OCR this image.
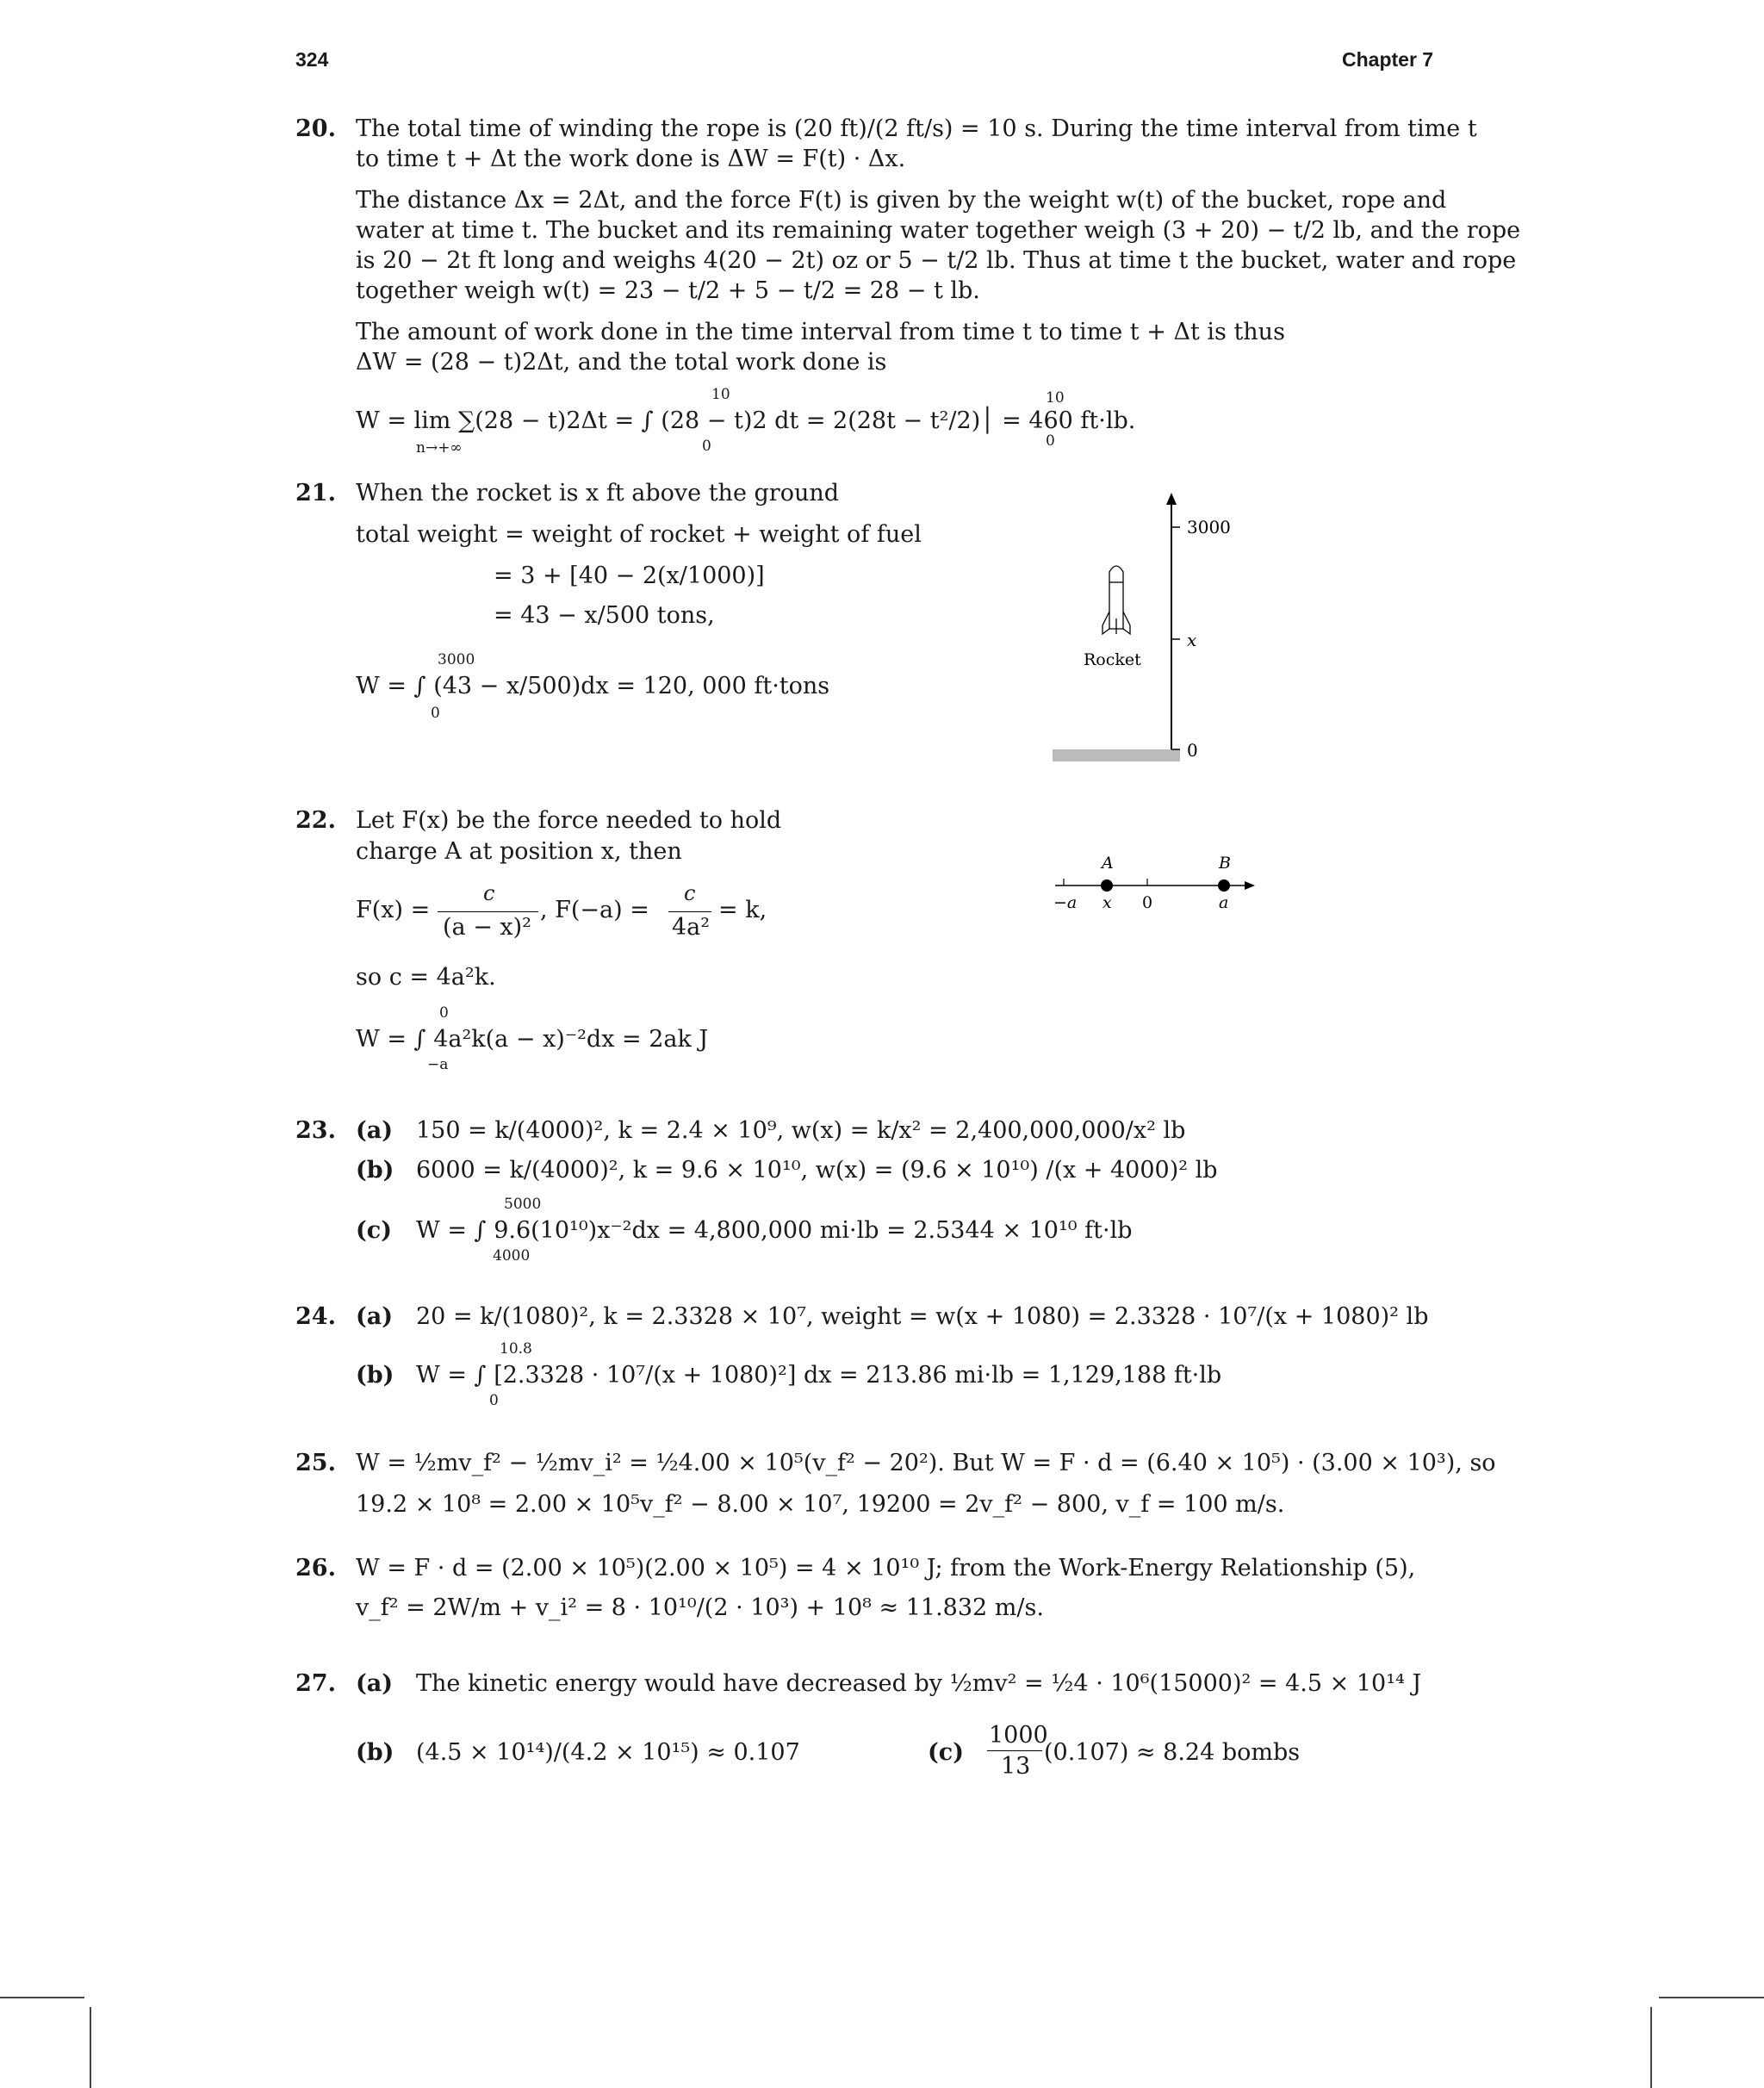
324	Chapter 7
20. The total time of winding the rope is (20 ft)/(2 ft/s) = 10 s. During the time interval from time t
to time t + Δt the work done is ΔW = F(t) · Δx.
The distance Δx = 2Δt, and the force F(t) is given by the weight w(t) of the bucket, rope and
water at time t. The bucket and its remaining water together weigh (3 + 20) − t/2 lb, and the rope
is 20 − 2t ft long and weighs 4(20 − 2t) oz or 5 − t/2 lb. Thus at time t the bucket, water and rope
together weigh w(t) = 23 − t/2 + 5 − t/2 = 28 − t lb.
The amount of work done in the time interval from time t to time t + Δt is thus
ΔW = (28 − t)2Δt, and the total work done is
W = lim ∑(28 − t)2Δt = ∫ (28 − t)2 dt = 2(28t − t²/2)│ = 460 ft·lb.
n→+∞
10
0
10
0
21. When the rocket is x ft above the ground
total weight = weight of rocket + weight of fuel
= 3 + [40 − 2(x/1000)]
= 43 − x/500 tons,
W = ∫ (43 − x/500)dx = 120, 000 ft·tons
3000
0
3000
x
0
Rocket
22. Let F(x) be the force needed to hold
charge A at position x, then
F(x) =
c
(a − x)²
, F(−a) =
c
4a²
= k,
so c = 4a²k.
W = ∫ 4a²k(a − x)⁻²dx = 2ak J
0
−a
A	B
−a x 0	a
23. (a) 150 = k/(4000)², k = 2.4 × 10⁹, w(x) = k/x² = 2,400,000,000/x² lb
(b) 6000 = k/(4000)², k = 9.6 × 10¹⁰, w(x) = (9.6 × 10¹⁰) /(x + 4000)² lb
(c) W = ∫ 9.6(10¹⁰)x⁻²dx = 4,800,000 mi·lb = 2.5344 × 10¹⁰ ft·lb
5000
4000
24. (a) 20 = k/(1080)², k = 2.3328 × 10⁷, weight = w(x + 1080) = 2.3328 · 10⁷/(x + 1080)² lb
(b) W = ∫ [2.3328 · 10⁷/(x + 1080)²] dx = 213.86 mi·lb = 1,129,188 ft·lb
10.8
0
25. W = ½mv_f² − ½mv_i² = ½4.00 × 10⁵(v_f² − 20²). But W = F · d = (6.40 × 10⁵) · (3.00 × 10³), so
19.2 × 10⁸ = 2.00 × 10⁵v_f² − 8.00 × 10⁷, 19200 = 2v_f² − 800, v_f = 100 m/s.
26. W = F · d = (2.00 × 10⁵)(2.00 × 10⁵) = 4 × 10¹⁰ J; from the Work-Energy Relationship (5),
v_f² = 2W/m + v_i² = 8 · 10¹⁰/(2 · 10³) + 10⁸ ≈ 11.832 m/s.
27. (a) The kinetic energy would have decreased by ½mv² = ½4 · 10⁶(15000)² = 4.5 × 10¹⁴ J
(b) (4.5 × 10¹⁴)/(4.2 × 10¹⁵) ≈ 0.107	(c)
1000
13
(0.107) ≈ 8.24 bombs
